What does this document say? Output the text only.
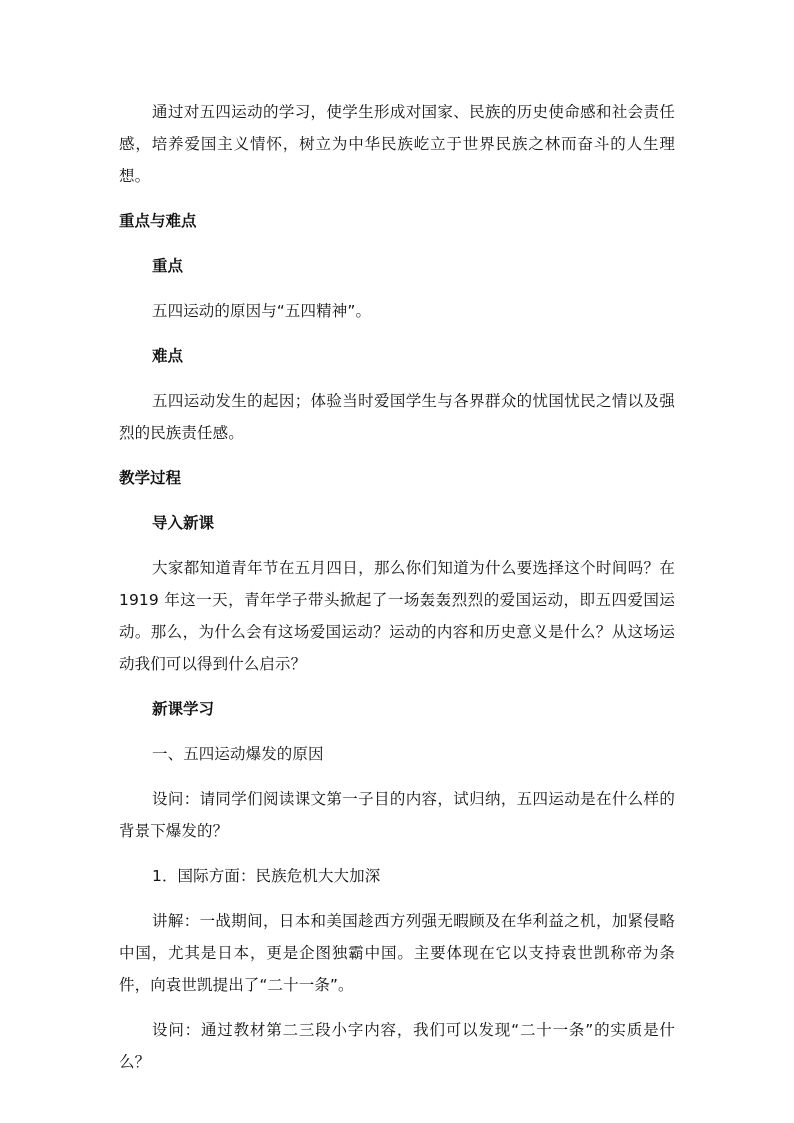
通过对五四运动的学习，使学生形成对国家、民族的历史使命感和社会责任感，培养爱国主义情怀，树立为中华民族屹立于世界民族之林而奋斗的人生理想。

重点与难点

重点

五四运动的原因与“五四精神”。

难点

五四运动发生的起因；体验当时爱国学生与各界群众的忧国忧民之情以及强烈的民族责任感。

教学过程

导入新课

大家都知道青年节在五月四日，那么你们知道为什么要选择这个时间吗？在 1919 年这一天，青年学子带头掀起了一场轰轰烈烈的爱国运动，即五四爱国运动。那么，为什么会有这场爱国运动？运动的内容和历史意义是什么？从这场运动我们可以得到什么启示？

新课学习

一、五四运动爆发的原因

设问：请同学们阅读课文第一子目的内容，试归纳，五四运动是在什么样的背景下爆发的？

1．国际方面：民族危机大大加深

讲解：一战期间，日本和美国趁西方列强无暇顾及在华利益之机，加紧侵略中国，尤其是日本，更是企图独霸中国。主要体现在它以支持袁世凯称帝为条件，向袁世凯提出了“二十一条”。

设问：通过教材第二三段小字内容，我们可以发现“二十一条”的实质是什么？
